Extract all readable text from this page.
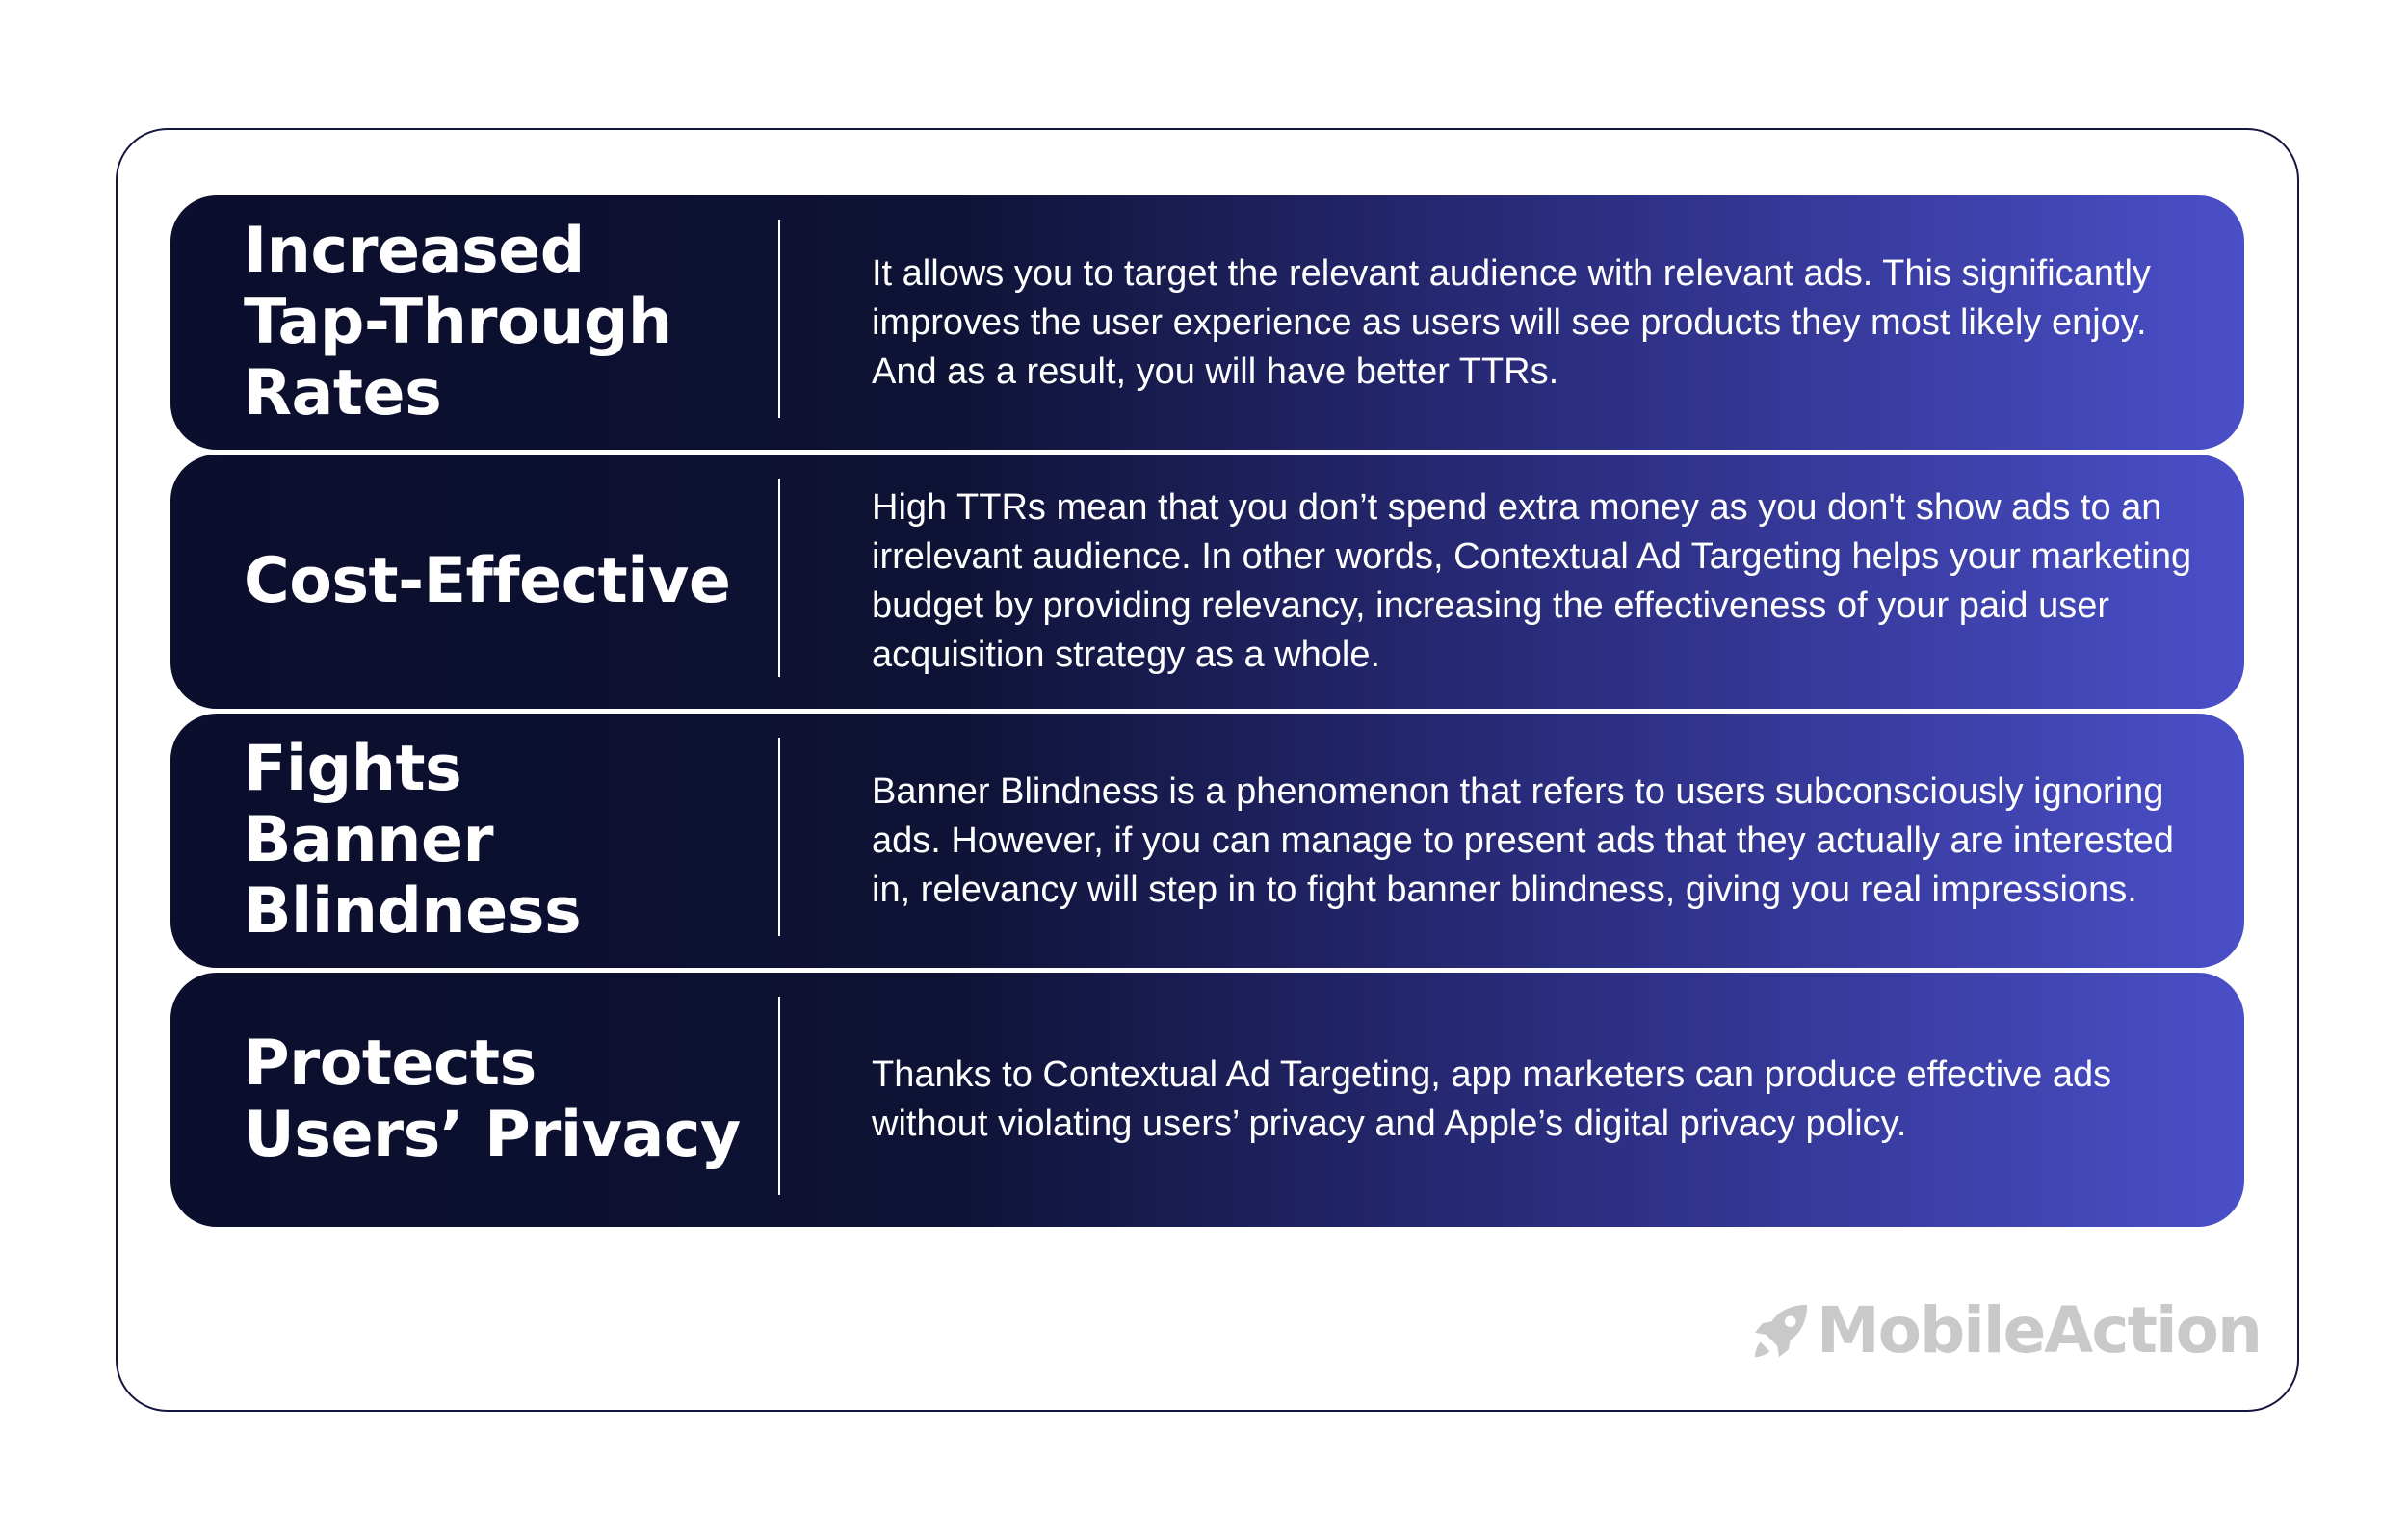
Increased Tap-Through Rates
It allows you to target the relevant audience with relevant ads. This significantly improves the user experience as users will see products they most likely enjoy. And as a result, you will have better TTRs.
Cost-Effective
High TTRs mean that you don’t spend extra money as you don't show ads to an irrelevant audience. In other words, Contextual Ad Targeting helps your marketing budget by providing relevancy, increasing the effectiveness of your paid user acquisition strategy as a whole.
Fights Banner Blindness
Banner Blindness is a phenomenon that refers to users subconsciously ignoring ads. However, if you can manage to present ads that they actually are interested in, relevancy will step in to fight banner blindness, giving you real impressions.
Protects Users’ Privacy
Thanks to Contextual Ad Targeting, app marketers can produce effective ads without violating users’ privacy and Apple’s digital privacy policy.
MobileAction
